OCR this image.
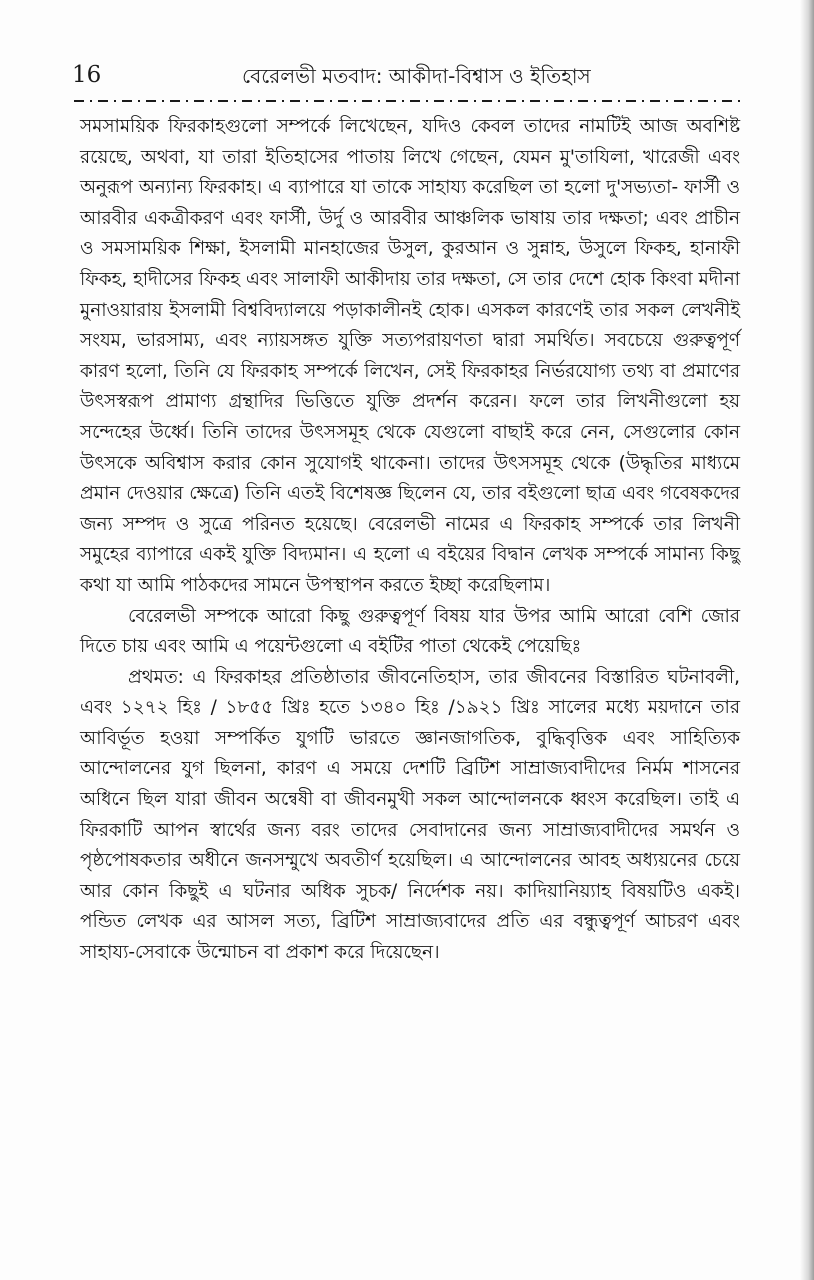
16	বেরেলভী মতবাদ: আকীদা-বিশ্বাস ও ইতিহাস

সমসাময়িক ফিরকাহগুলো সম্পর্কে লিখেছেন, যদিও কেবল তাদের নামটিই আজ অবশিষ্ট রয়েছে, অথবা, যা তারা ইতিহাসের পাতায় লিখে গেছেন, যেমন মু'তাযিলা, খারেজী এবং অনুরূপ অন্যান্য ফিরকাহ। এ ব্যাপারে যা তাকে সাহায্য করেছিল তা হলো দু'সভ্যতা- ফার্সী ও আরবীর একত্রীকরণ এবং ফার্সী, উর্দু ও আরবীর আঞ্চলিক ভাষায় তার দক্ষতা; এবং প্রাচীন ও সমসাময়িক শিক্ষা, ইসলামী মানহাজের উসুল, কুরআন ও সুন্নাহ, উসুলে ফিকহ, হানাফী ফিকহ, হাদীসের ফিকহ এবং সালাফী আকীদায় তার দক্ষতা, সে তার দেশে হোক কিংবা মদীনা মুনাওয়ারায় ইসলামী বিশ্ববিদ্যালয়ে পড়াকালীনই হোক। এসকল কারণেই তার সকল লেখনীই সংযম, ভারসাম্য, এবং ন্যায়সঙ্গত যুক্তি সত্যপরায়ণতা দ্বারা সমর্থিত। সবচেয়ে গুরুত্বপূর্ণ কারণ হলো, তিনি যে ফিরকাহ সম্পর্কে লিখেন, সেই ফিরকাহর নির্ভরযোগ্য তথ্য বা প্রমাণের উৎসস্বরূপ প্রামাণ্য গ্রন্থাদির ভিত্তিতে যুক্তি প্রদর্শন করেন। ফলে তার লিখনীগুলো হয় সন্দেহের উর্ধ্বে। তিনি তাদের উৎসসমূহ থেকে যেগুলো বাছাই করে নেন, সেগুলোর কোন উৎসকে অবিশ্বাস করার কোন সুযোগই থাকেনা। তাদের উৎসসমূহ থেকে (উদ্ধৃতির মাধ্যমে প্রমান দেওয়ার ক্ষেত্রে) তিনি এতই বিশেষজ্ঞ ছিলেন যে, তার বইগুলো ছাত্র এবং গবেষকদের জন্য সম্পদ ও সুত্রে পরিনত হয়েছে। বেরেলভী নামের এ ফিরকাহ সম্পর্কে তার লিখনী সমুহের ব্যাপারে একই যুক্তি বিদ্যমান। এ হলো এ বইয়ের বিদ্বান লেখক সম্পর্কে সামান্য কিছু কথা যা আমি পাঠকদের সামনে উপস্থাপন করতে ইচ্ছা করেছিলাম।

বেরেলভী সম্পকে আরো কিছু গুরুত্বপূর্ণ বিষয় যার উপর আমি আরো বেশি জোর দিতে চায় এবং আমি এ পয়েন্টগুলো এ বইটির পাতা থেকেই পেয়েছিঃ

প্রথমত: এ ফিরকাহর প্রতিষ্ঠাতার জীবনেতিহাস, তার জীবনের বিস্তারিত ঘটনাবলী, এবং ১২৭২ হিঃ / ১৮৫৫ খ্রিঃ হতে ১৩৪০ হিঃ /১৯২১ খ্রিঃ সালের মধ্যে ময়দানে তার আবির্ভূত হওয়া সম্পর্কিত যুগটি ভারতে জ্ঞানজাগতিক, বুদ্ধিবৃত্তিক এবং সাহিত্যিক আন্দোলনের যুগ ছিলনা, কারণ এ সময়ে দেশটি ব্রিটিশ সাম্রাজ্যবাদীদের নির্মম শাসনের অধিনে ছিল যারা জীবন অন্বেষী বা জীবনমুখী সকল আন্দোলনকে ধ্বংস করেছিল। তাই এ ফিরকাটি আপন স্বার্থের জন্য বরং তাদের সেবাদানের জন্য সাম্রাজ্যবাদীদের সমর্থন ও পৃষ্ঠপোষকতার অধীনে জনসম্মুখে অবতীর্ণ হয়েছিল। এ আন্দোলনের আবহ অধ্যয়নের চেয়ে আর কোন কিছুই এ ঘটনার অধিক সুচক/ নির্দেশক নয়। কাদিয়ানিয়্যাহ বিষয়টিও একই। পন্ডিত লেখক এর আসল সত্য, ব্রিটিশ সাম্রাজ্যবাদের প্রতি এর বন্ধুত্বপূর্ণ আচরণ এবং সাহায্য-সেবাকে উন্মোচন বা প্রকাশ করে দিয়েছেন।
